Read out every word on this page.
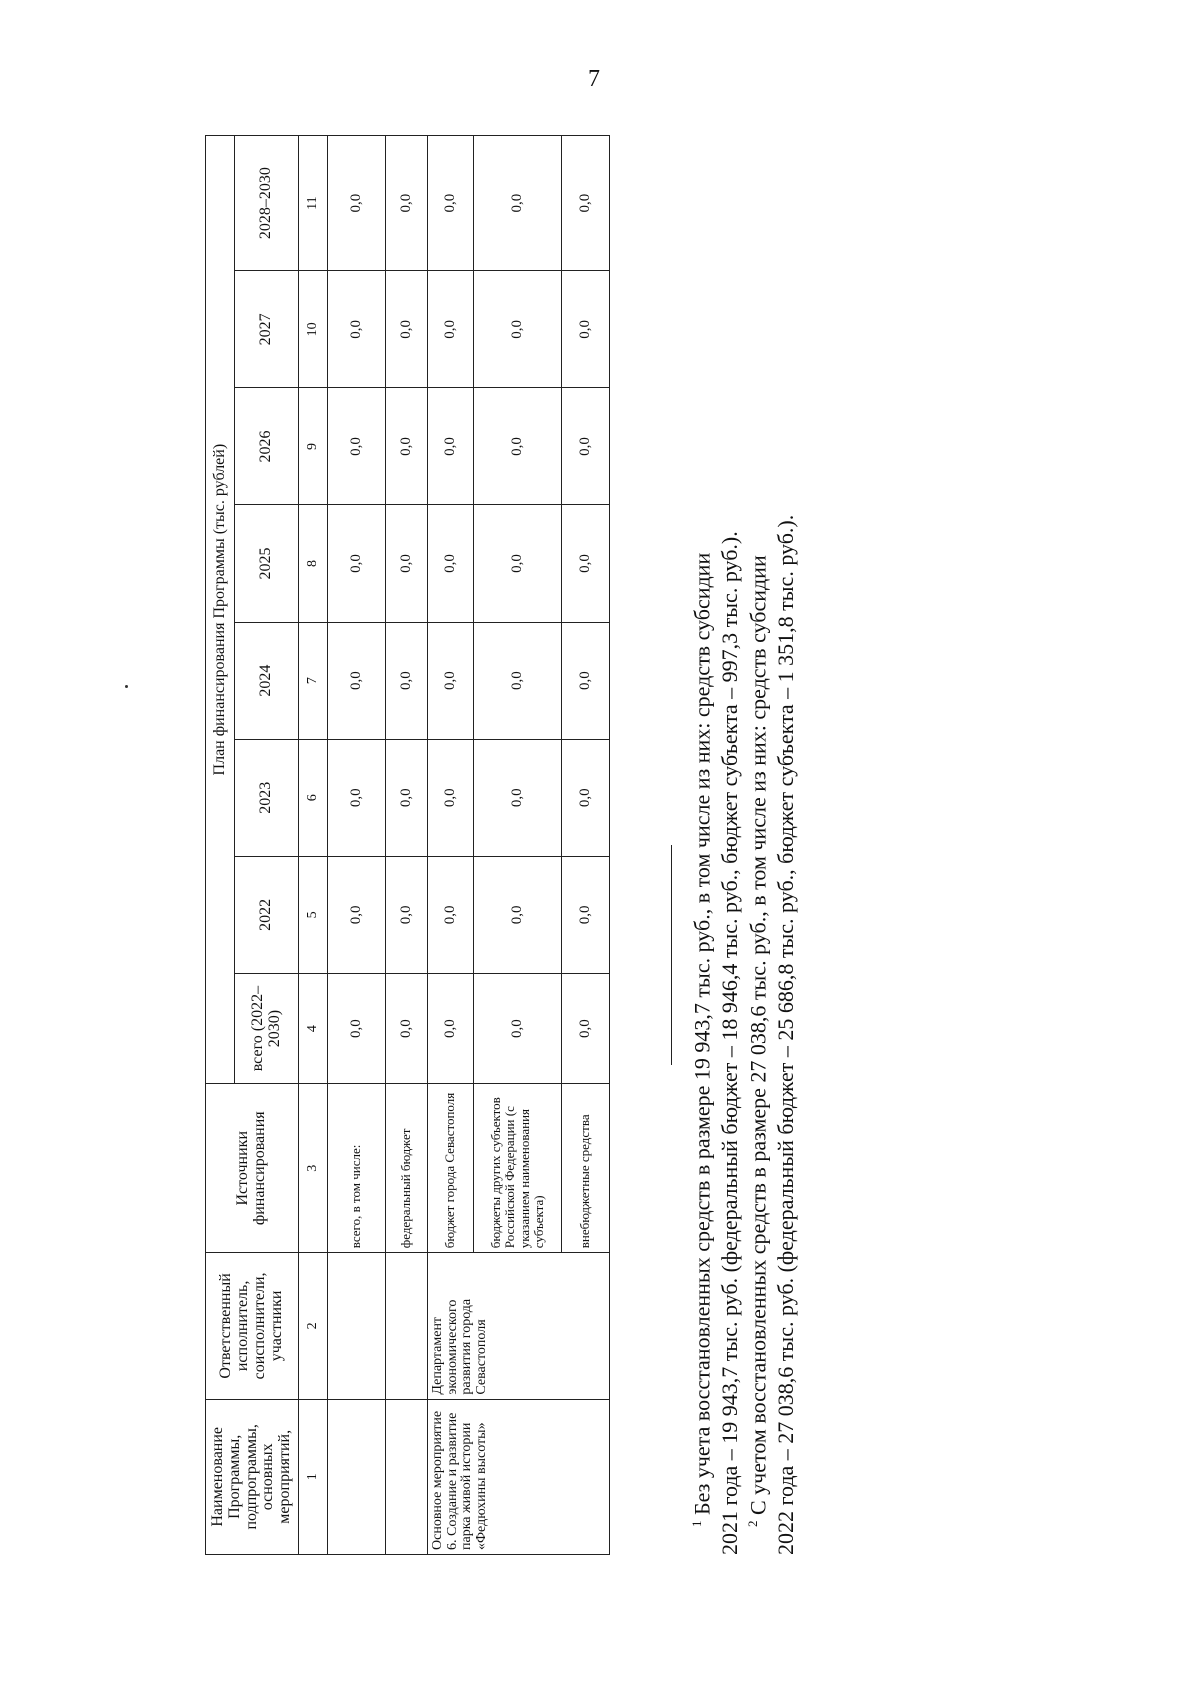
7
Наименование Программы, подпрограммы, основных мероприятий,	Ответственный исполнитель, соисполнители, участники	Источники финансирования	План финансирования Программы (тыс. рублей)							
			всего (2022–2030)	2022	2023	2024	2025	2026	2027	2028–2030
1	2	3	4	5	6	7	8	9	10	11
		всего, в том числе:	0,0	0,0	0,0	0,0	0,0	0,0	0,0	0,0
		федеральный бюджет	0,0	0,0	0,0	0,0	0,0	0,0	0,0	0,0
Основное мероприятие 6. Создание и развитие парка живой истории «Федюхины высоты»	Департамент экономического развития города Севастополя	бюджет города Севастополя	0,0	0,0	0,0	0,0	0,0	0,0	0,0	0,0
		бюджеты других субъектов Российской Федерации (с указанием наименования субъекта)	0,0	0,0	0,0	0,0	0,0	0,0	0,0	0,0
		внебюджетные средства	0,0	0,0	0,0	0,0	0,0	0,0	0,0	0,0
$^1$ Без учета восстановленных средств в размере 19 943,7 тыс. руб., в том числе из них: средств субсидии 2021 года – 19 943,7 тыс. руб. (федеральный бюджет – 18 946,4 тыс. руб., бюджет субъекта – 997,3 тыс. руб.). $^2$ С учетом восстановленных средств в размере 27 038,6 тыс. руб., в том числе из них: средств субсидии 2022 года – 27 038,6 тыс. руб. (федеральный бюджет – 25 686,8 тыс. руб., бюджет субъекта – 1 351,8 тыс. руб.).
